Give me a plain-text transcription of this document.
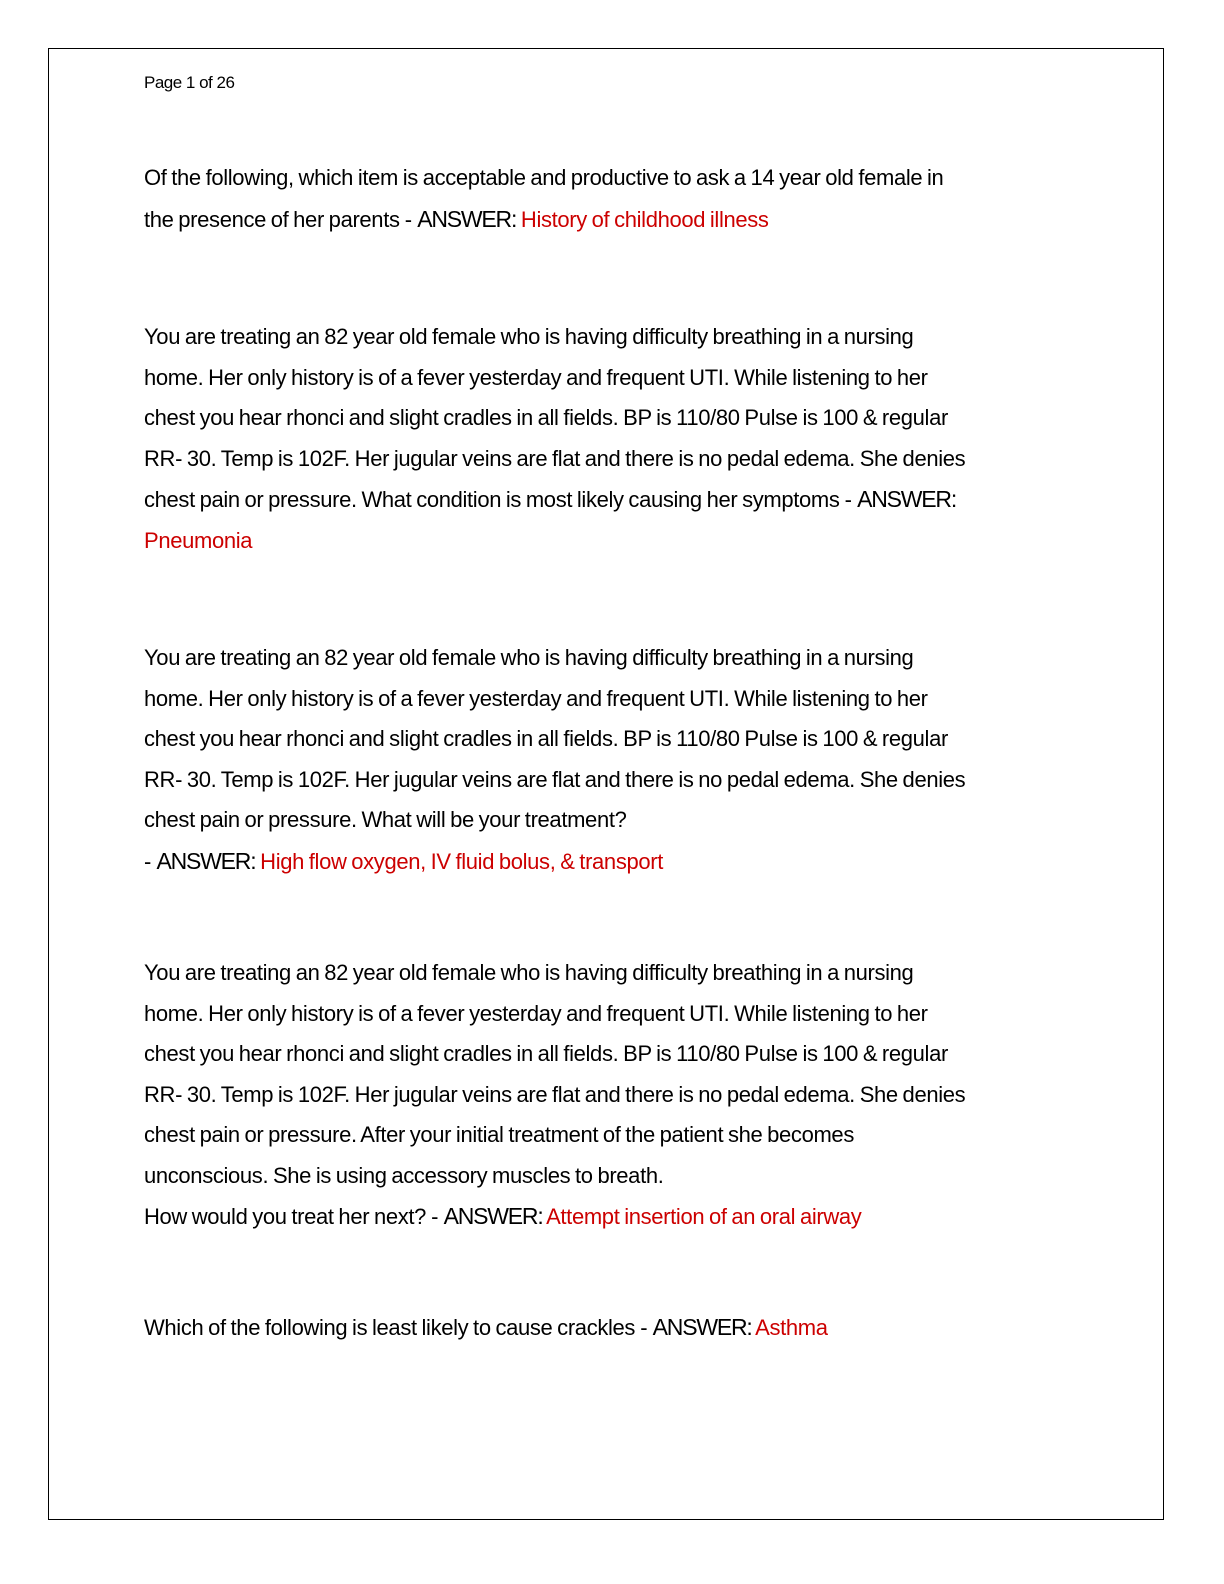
Page 1 of 26
Of the following, which item is acceptable and productive to ask a 14 year old female in
the presence of her parents - ANSWER: History of childhood illness
You are treating an 82 year old female who is having difficulty breathing in a nursing
home. Her only history is of a fever yesterday and frequent UTI. While listening to her
chest you hear rhonci and slight cradles in all fields. BP is 110/80 Pulse is 100 & regular
RR- 30. Temp is 102F. Her jugular veins are flat and there is no pedal edema. She denies
chest pain or pressure. What condition is most likely causing her symptoms - ANSWER:
Pneumonia
You are treating an 82 year old female who is having difficulty breathing in a nursing
home. Her only history is of a fever yesterday and frequent UTI. While listening to her
chest you hear rhonci and slight cradles in all fields. BP is 110/80 Pulse is 100 & regular
RR- 30. Temp is 102F. Her jugular veins are flat and there is no pedal edema. She denies
chest pain or pressure. What will be your treatment?
- ANSWER: High flow oxygen, IV fluid bolus, & transport
You are treating an 82 year old female who is having difficulty breathing in a nursing
home. Her only history is of a fever yesterday and frequent UTI. While listening to her
chest you hear rhonci and slight cradles in all fields. BP is 110/80 Pulse is 100 & regular
RR- 30. Temp is 102F. Her jugular veins are flat and there is no pedal edema. She denies
chest pain or pressure. After your initial treatment of the patient she becomes
unconscious. She is using accessory muscles to breath.
How would you treat her next? - ANSWER: Attempt insertion of an oral airway
Which of the following is least likely to cause crackles - ANSWER: Asthma
